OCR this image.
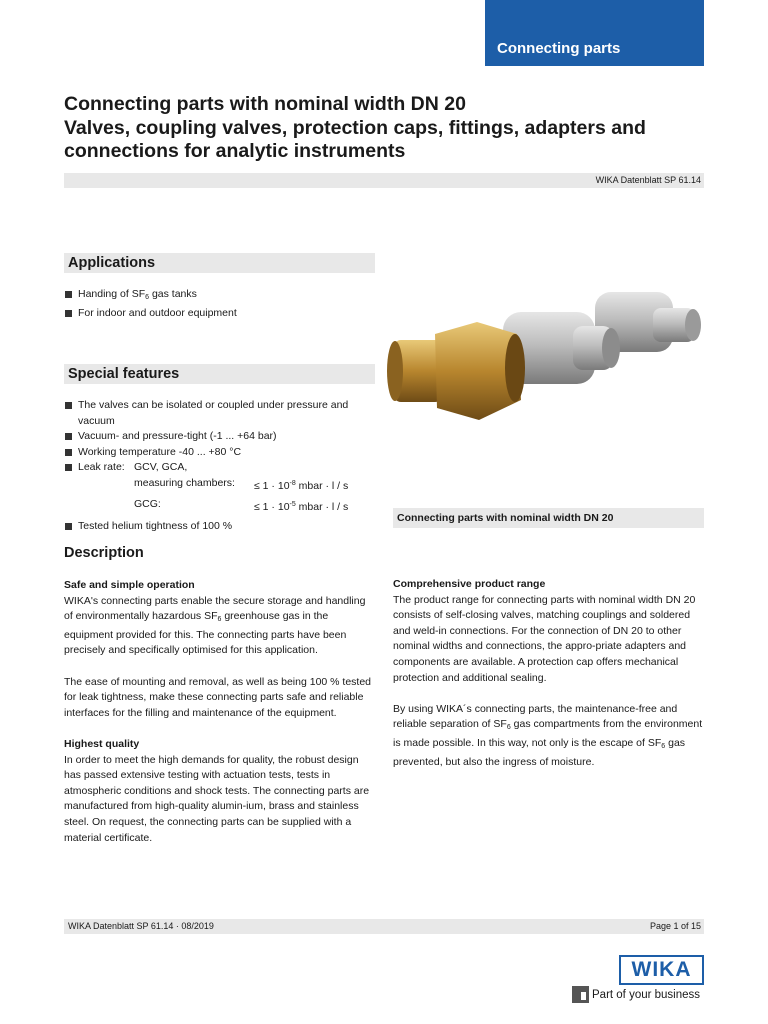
Connecting parts
Connecting parts with nominal width DN 20
Valves, coupling valves, protection caps, fittings, adapters and
connections for analytic instruments
WIKA Datenblatt SP 61.14
Applications
Handing of $SF_6$ gas tanks
For indoor and outdoor equipment
Special features
The valves can be isolated or coupled under pressure and vacuum
Vacuum- and pressure-tight (-1 ... +64 bar)
Working temperature -40 ... +80 °C
Leak rate: GCV, GCA,
measuring chambers:	≤ $1 \cdot 10^{-8}$ mbar · l / s
GCG:	≤ $1 \cdot 10^{-5}$ mbar · l / s
Tested helium tightness of 100 %
Connecting parts with nominal width DN 20
Description
Safe and simple operation

WIKA's connecting parts enable the secure storage and handling of environmentally hazardous $SF_6$ greenhouse gas in the equipment provided for this. The connecting parts have been precisely and specifically optimised for this application.

The ease of mounting and removal, as well as being 100 % tested for leak tightness, make these connecting parts safe and reliable interfaces for the filling and maintenance of the equipment.

Highest quality

In order to meet the high demands for quality, the robust design has passed extensive testing with actuation tests, tests in atmospheric conditions and shock tests. The connecting parts are manufactured from high-quality alumin-ium, brass and stainless steel. On request, the connecting parts can be supplied with a material certificate.

Comprehensive product range

The product range for connecting parts with nominal width DN 20 consists of self-closing valves, matching couplings and soldered and weld-in connections. For the connection of DN 20 to other nominal widths and connections, the appro-priate adapters and components are available. A protection cap offers mechanical protection and additional sealing.

By using WIKA´s connecting parts, the maintenance-free and reliable separation of $SF_6$ gas compartments from the environment is made possible. In this way, not only is the escape of $SF_6$ gas prevented, but also the ingress of moisture.

WIKA Datenblatt SP 61.14 · 08/2019	Page 1 of 15
WIKA
Part of your business
